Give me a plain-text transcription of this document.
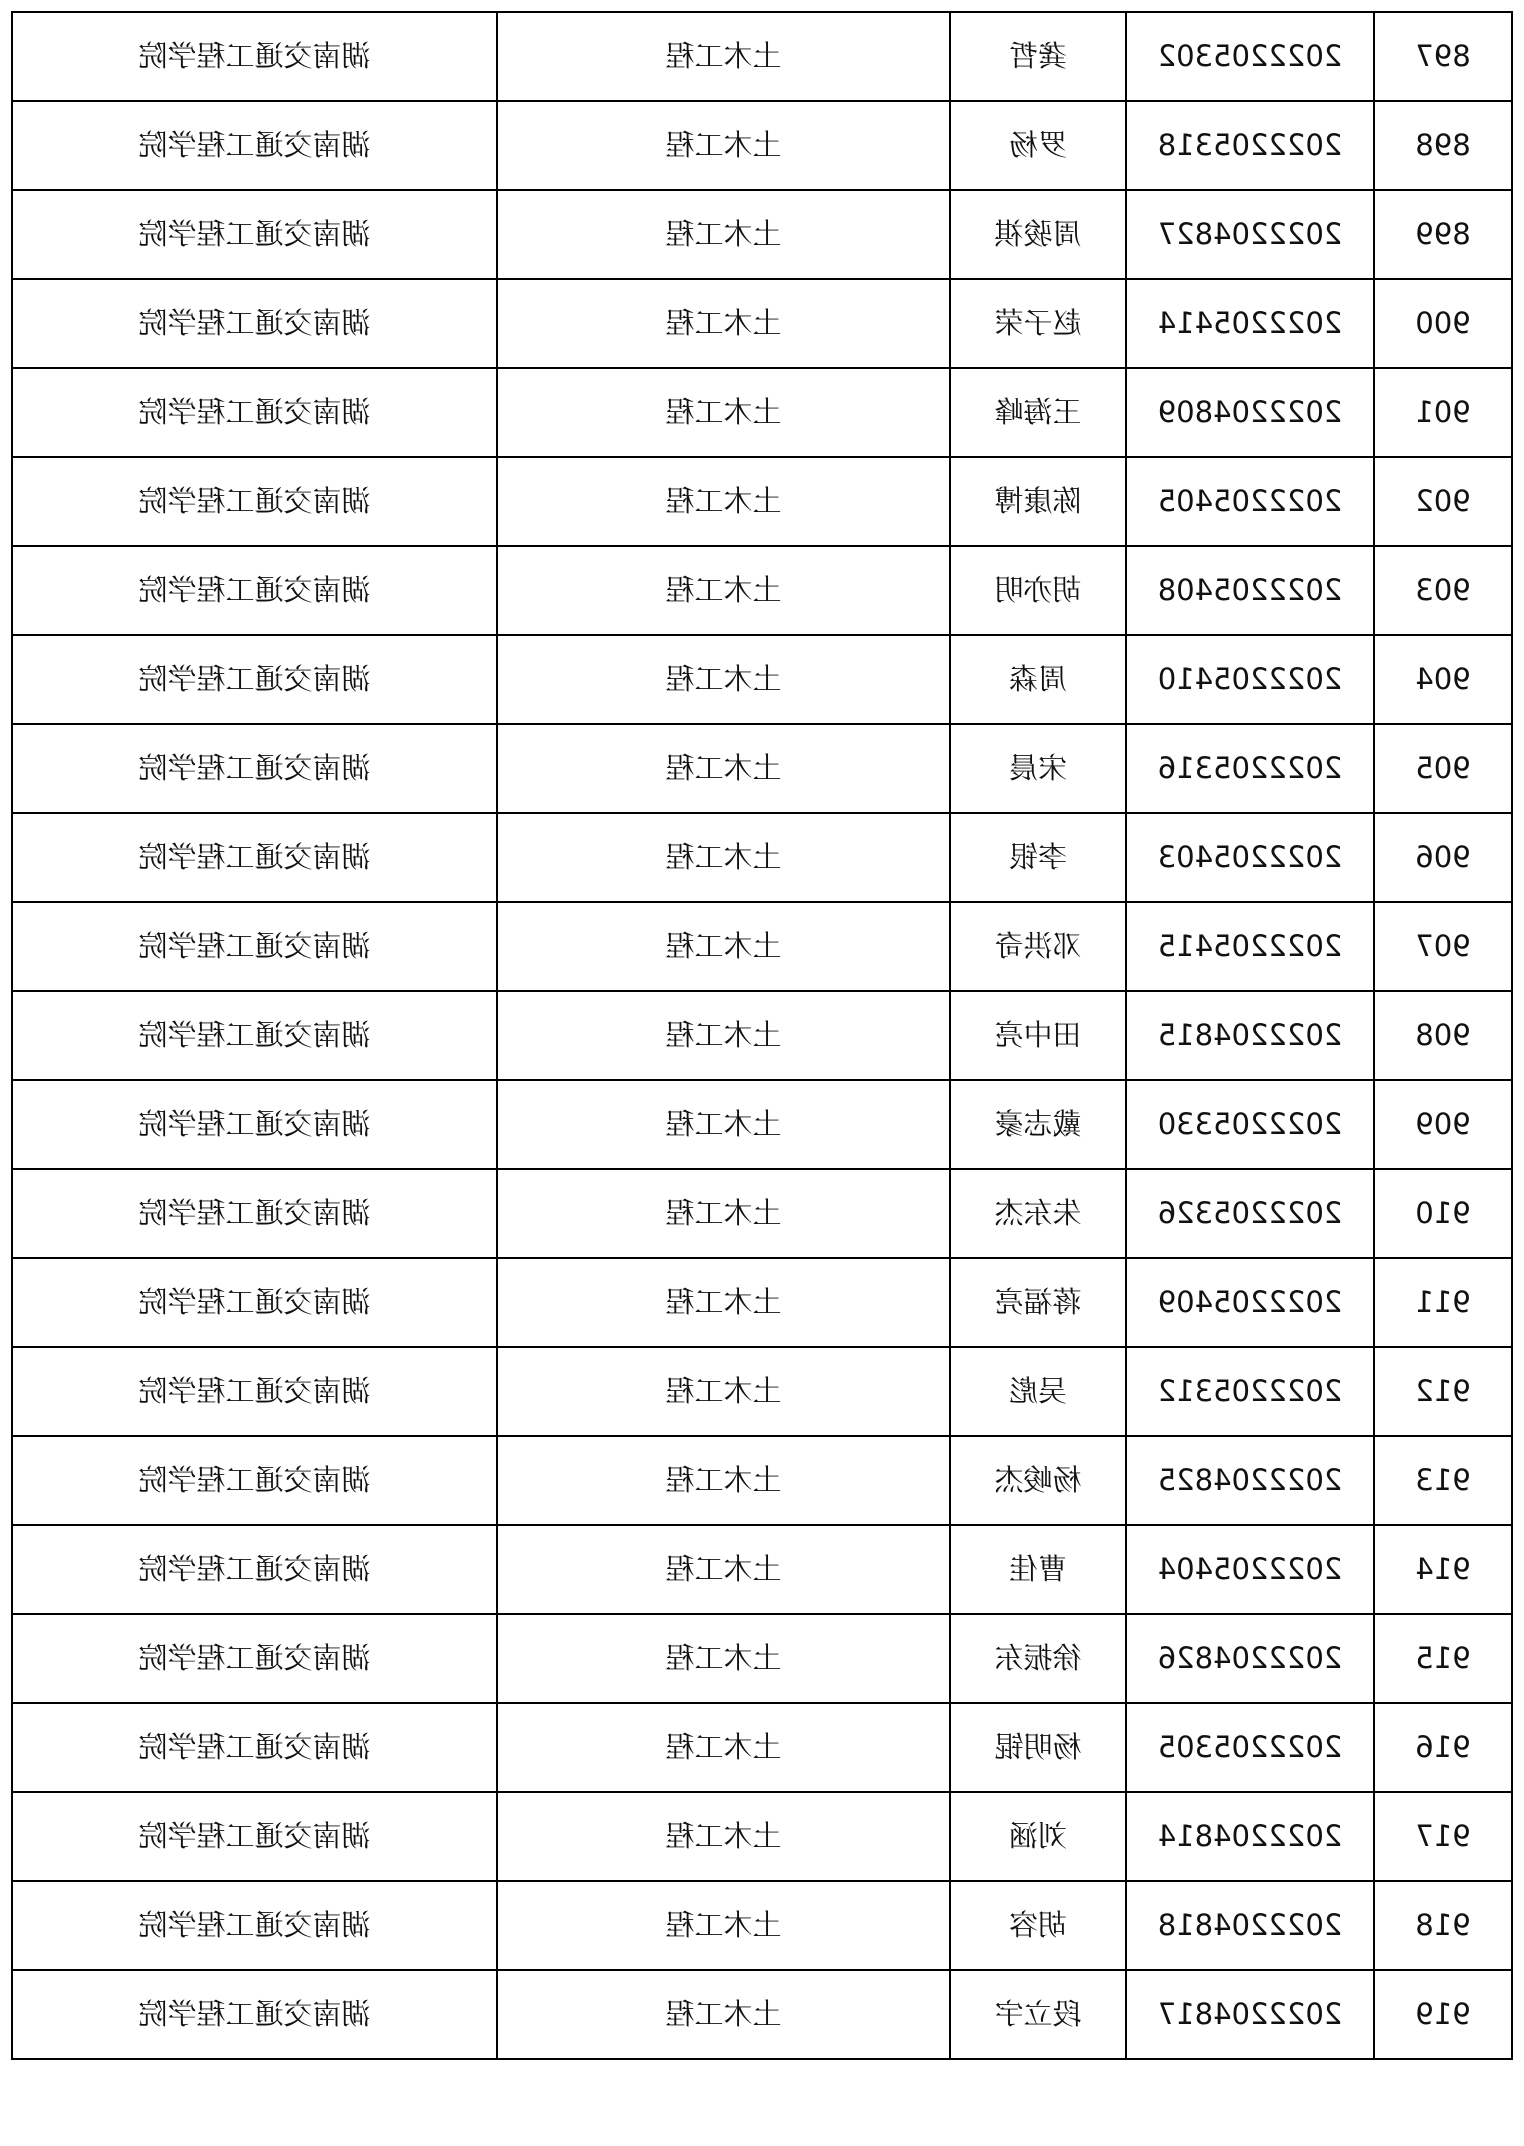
897	2022205302	龚哲	土木工程	湖南交通工程学院
898	2022205318	罗杨	土木工程	湖南交通工程学院
899	2022204827	周骏祺	土木工程	湖南交通工程学院
900	2022205414	赵子荣	土木工程	湖南交通工程学院
901	2022204809	王海峰	土木工程	湖南交通工程学院
902	2022205405	陈康博	土木工程	湖南交通工程学院
903	2022205408	胡亦明	土木工程	湖南交通工程学院
904	2022205410	周森	土木工程	湖南交通工程学院
905	2022205316	宋晨	土木工程	湖南交通工程学院
906	2022205403	李银	土木工程	湖南交通工程学院
907	2022205415	邓洪奇	土木工程	湖南交通工程学院
908	2022204815	田中亮	土木工程	湖南交通工程学院
909	2022205330	戴志豪	土木工程	湖南交通工程学院
910	2022205326	朱东杰	土木工程	湖南交通工程学院
911	2022205409	蒋福亮	土木工程	湖南交通工程学院
912	2022205312	吴彪	土木工程	湖南交通工程学院
913	2022204825	杨峻杰	土木工程	湖南交通工程学院
914	2022205404	曹佳	土木工程	湖南交通工程学院
915	2022204826	徐振东	土木工程	湖南交通工程学院
916	2022205305	杨明锟	土木工程	湖南交通工程学院
917	2022204814	刘涵	土木工程	湖南交通工程学院
918	2022204818	胡容	土木工程	湖南交通工程学院
919	2022204817	段立宇	土木工程	湖南交通工程学院
